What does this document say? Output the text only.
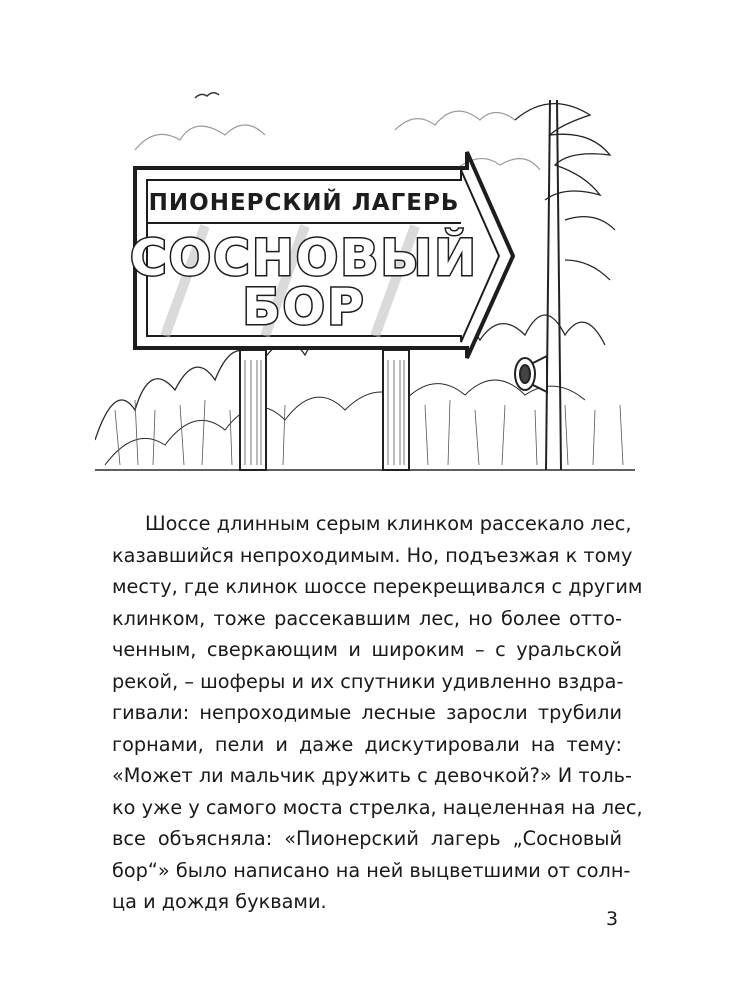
ПИОНЕРСКИЙ ЛАГЕРЬ
СОСНОВЫЙ
БОР
Шоссе длинным серым клинком рассекало лес,
казавшийся непроходимым. Но, подъезжая к тому
месту, где клинок шоссе перекрещивался с другим
клинком, тоже рассекавшим лес, но более отто-
ченным, сверкающим и широким – с уральской
рекой, – шоферы и их спутники удивленно вздра-
гивали: непроходимые лесные заросли трубили
горнами, пели и даже дискутировали на тему:
«Может ли мальчик дружить с девочкой?» И толь-
ко уже у самого моста стрелка, нацеленная на лес,
все объясняла: «Пионерский лагерь „Сосновый
бор“» было написано на ней выцветшими от солн-
ца и дождя буквами.
3
